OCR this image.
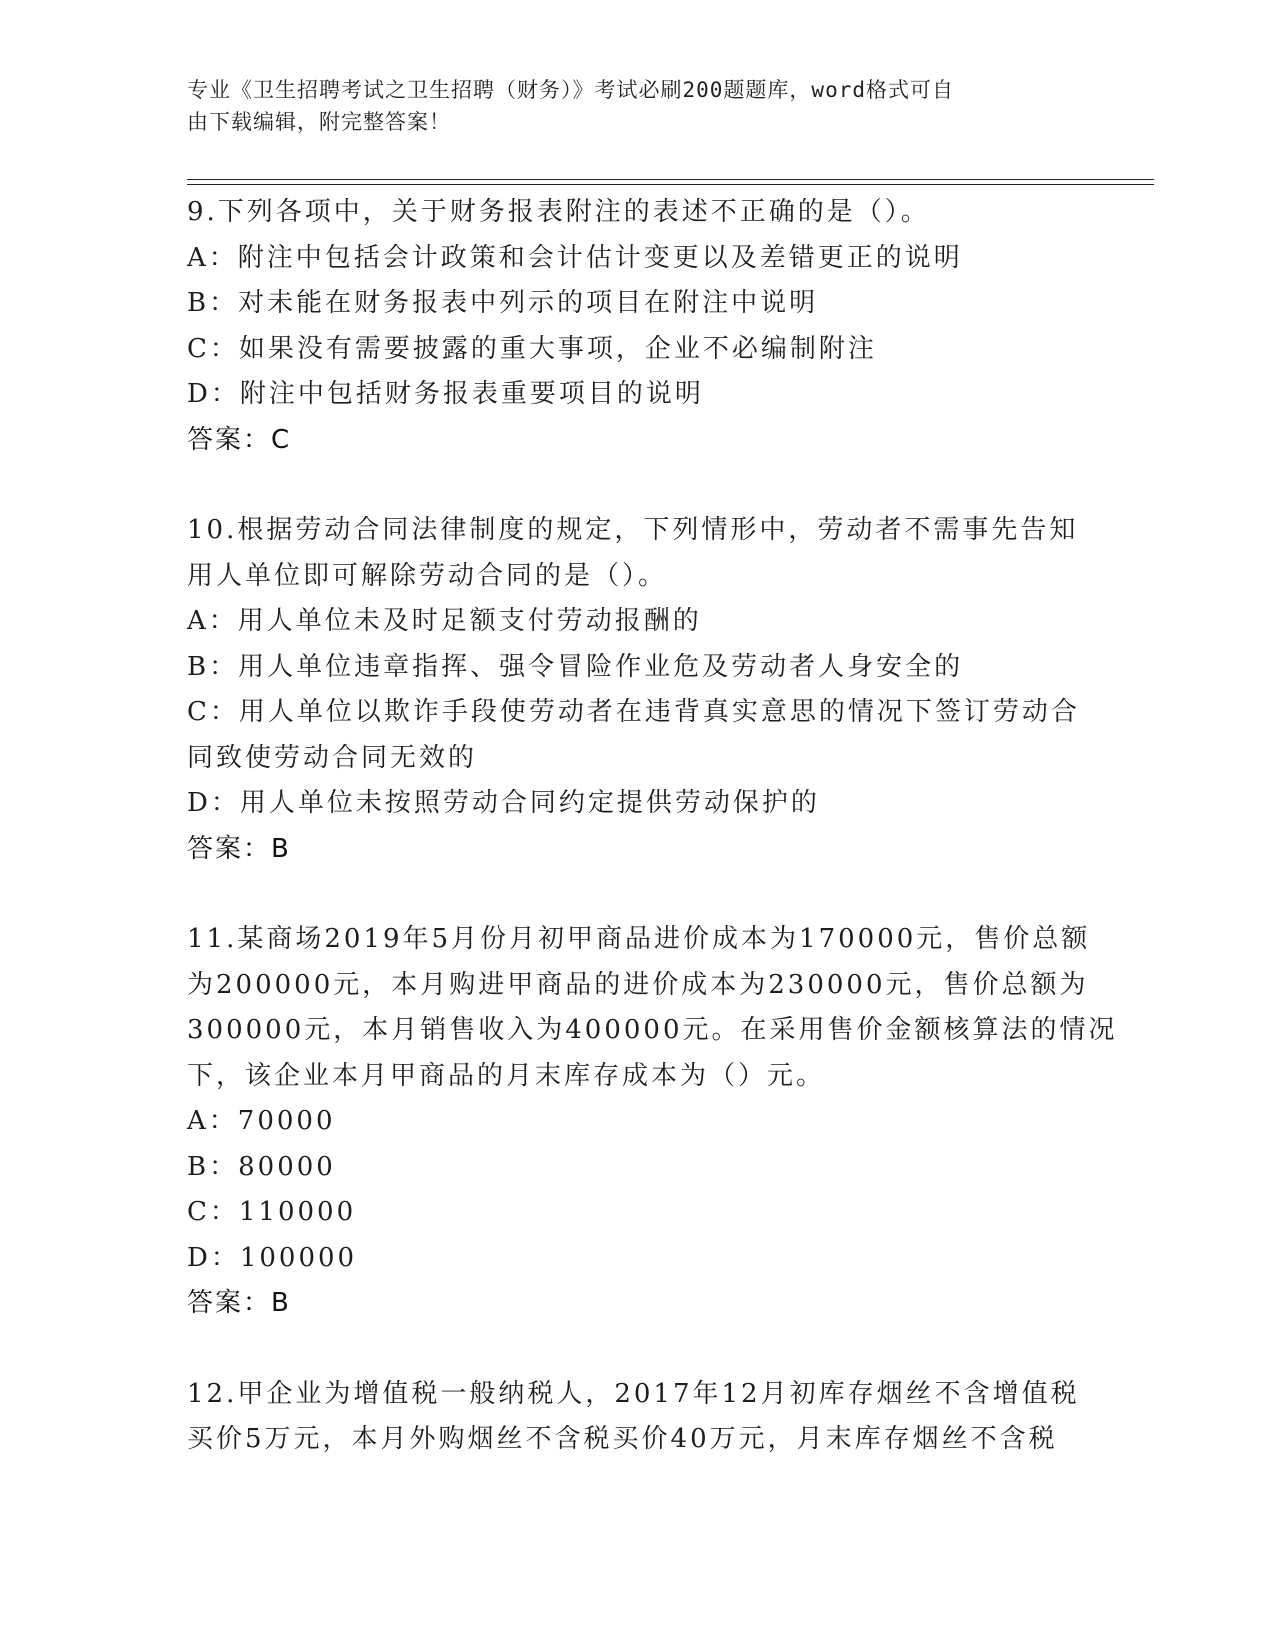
专业《卫生招聘考试之卫生招聘（财务）》考试必刷200题题库，word格式可自
由下载编辑，附完整答案！
9.下列各项中，关于财务报表附注的表述不正确的是（）。
A：附注中包括会计政策和会计估计变更以及差错更正的说明
B：对未能在财务报表中列示的项目在附注中说明
C：如果没有需要披露的重大事项，企业不必编制附注
D：附注中包括财务报表重要项目的说明
答案：C
10.根据劳动合同法律制度的规定，下列情形中，劳动者不需事先告知
用人单位即可解除劳动合同的是（）。
A：用人单位未及时足额支付劳动报酬的
B：用人单位违章指挥、强令冒险作业危及劳动者人身安全的
C：用人单位以欺诈手段使劳动者在违背真实意思的情况下签订劳动合
同致使劳动合同无效的
D：用人单位未按照劳动合同约定提供劳动保护的
答案：B
11.某商场2019年5月份月初甲商品进价成本为170000元，售价总额
为200000元，本月购进甲商品的进价成本为230000元，售价总额为
300000元，本月销售收入为400000元。在采用售价金额核算法的情况
下，该企业本月甲商品的月末库存成本为（）元。
A：70000
B：80000
C：110000
D：100000
答案：B
12.甲企业为增值税一般纳税人，2017年12月初库存烟丝不含增值税
买价5万元，本月外购烟丝不含税买价40万元，月末库存烟丝不含税
